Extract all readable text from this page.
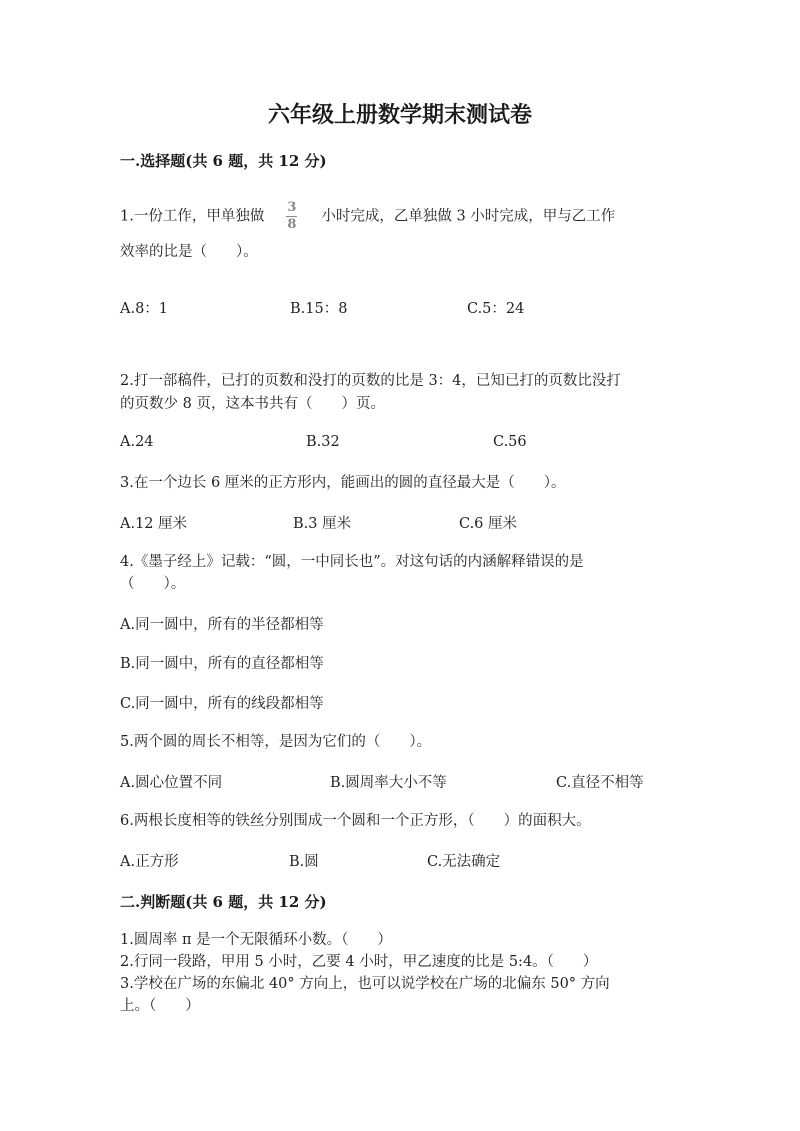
六年级上册数学期末测试卷
一.选择题(共 6 题，共 12 分)
1.一份工作，甲单独做 $\frac{3}{8}$ 小时完成，乙单独做 3 小时完成，甲与乙工作
效率的比是（　　）。
A.8：1	B.15：8	C.5：24
2.打一部稿件，已打的页数和没打的页数的比是 3：4，已知已打的页数比没打
的页数少 8 页，这本书共有（　　）页。
A.24	B.32	C.56
3.在一个边长 6 厘米的正方形内，能画出的圆的直径最大是（　　）。
A.12 厘米	B.3 厘米	C.6 厘米
4.《墨子经上》记载：“圆，一中同长也”。对这句话的内涵解释错误的是
（　　）。
A.同一圆中，所有的半径都相等
B.同一圆中，所有的直径都相等
C.同一圆中，所有的线段都相等
5.两个圆的周长不相等，是因为它们的（　　）。
A.圆心位置不同	B.圆周率大小不等	C.直径不相等
6.两根长度相等的铁丝分别围成一个圆和一个正方形，（　　）的面积大。
A.正方形	B.圆	C.无法确定
二.判断题(共 6 题，共 12 分)
1.圆周率 π 是一个无限循环小数。（　　）
2.行同一段路，甲用 5 小时，乙要 4 小时，甲乙速度的比是 5:4。（　　）
3.学校在广场的东偏北 40° 方向上，也可以说学校在广场的北偏东 50° 方向
上。（　　）
